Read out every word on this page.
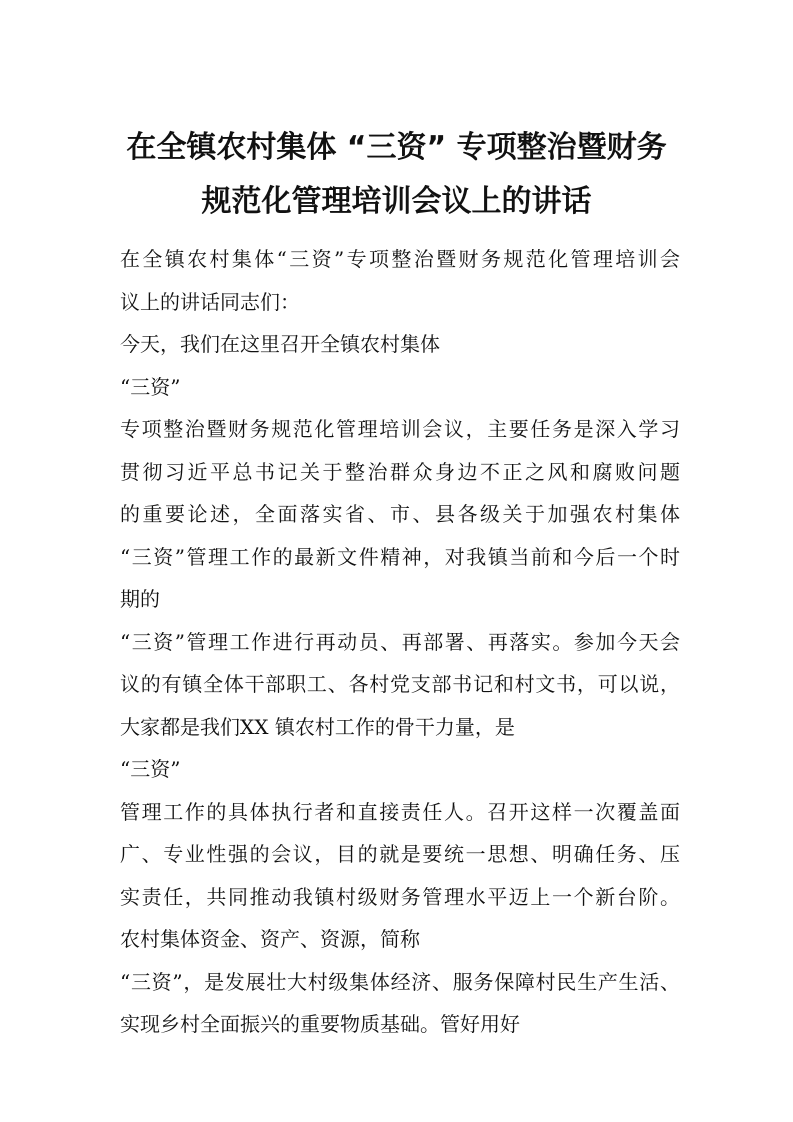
在全镇农村集体 “三资” 专项整治暨财务
规范化管理培训会议上的讲话
在全镇农村集体“三资”专项整治暨财务规范化管理培训会
议上的讲话同志们：
今天，我们在这里召开全镇农村集体
“三资”
专项整治暨财务规范化管理培训会议，主要任务是深入学习
贯彻习近平总书记关于整治群众身边不正之风和腐败问题
的重要论述，全面落实省、市、县各级关于加强农村集体
“三资”管理工作的最新文件精神，对我镇当前和今后一个时
期的
“三资”管理工作进行再动员、再部署、再落实。参加今天会
议的有镇全体干部职工、各村党支部书记和村文书，可以说，
大家都是我们XX 镇农村工作的骨干力量，是
“三资”
管理工作的具体执行者和直接责任人。召开这样一次覆盖面
广、专业性强的会议，目的就是要统一思想、明确任务、压
实责任，共同推动我镇村级财务管理水平迈上一个新台阶。
农村集体资金、资产、资源，简称
“三资”，是发展壮大村级集体经济、服务保障村民生产生活、
实现乡村全面振兴的重要物质基础。管好用好
